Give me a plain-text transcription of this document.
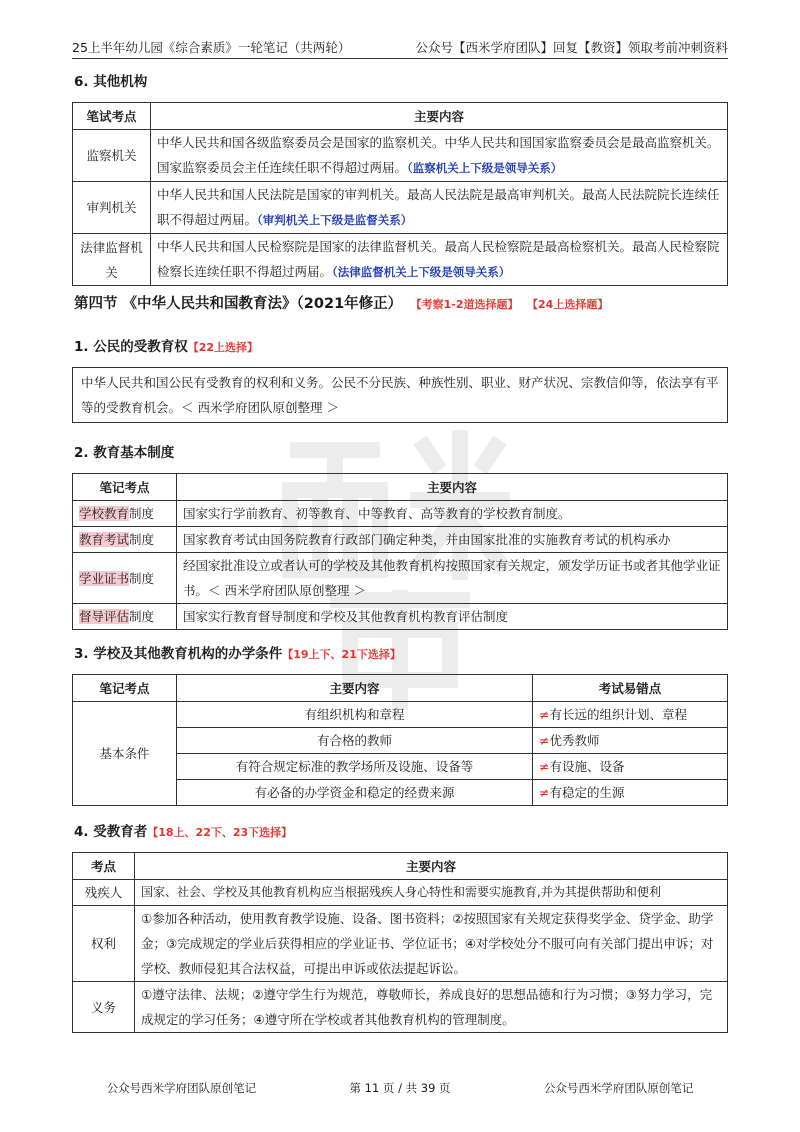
25上半年幼儿园《综合素质》一轮笔记（共两轮）	公众号【西米学府团队】回复【教资】领取考前冲刺资料
6. 其他机构
笔试考点	主要内容
监察机关	中华人民共和国各级监察委员会是国家的监察机关。中华人民共和国国家监察委员会是最高监察机关。国家监察委员会主任连续任职不得超过两届。（监察机关上下级是领导关系）
审判机关	中华人民共和国人民法院是国家的审判机关。最高人民法院是最高审判机关。最高人民法院院长连续任职不得超过两届。（审判机关上下级是监督关系）
法律监督机关	中华人民共和国人民检察院是国家的法律监督机关。最高人民检察院是最高检察机关。最高人民检察院检察长连续任职不得超过两届。（法律监督机关上下级是领导关系）
第四节 《中华人民共和国教育法》（2021年修正） 【考察1-2道选择题】 【24上选择题】
1. 公民的受教育权【22上选择】
中华人民共和国公民有受教育的权利和义务。公民不分民族、种族性别、职业、财产状况、宗教信仰等，依法享有平等的受教育机会。＜ 西米学府团队原创整理 ＞
2. 教育基本制度
笔记考点	主要内容
学校教育制度	国家实行学前教育、初等教育、中等教育、高等教育的学校教育制度。
教育考试制度	国家教育考试由国务院教育行政部门确定种类，并由国家批准的实施教育考试的机构承办
学业证书制度	经国家批准设立或者认可的学校及其他教育机构按照国家有关规定，颁发学历证书或者其他学业证书。＜ 西米学府团队原创整理 ＞
督导评估制度	国家实行教育督导制度和学校及其他教育机构教育评估制度
3. 学校及其他教育机构的办学条件【19上下、21下选择】
笔记考点	主要内容	考试易错点
基本条件	有组织机构和章程	≠有长远的组织计划、章程
	有合格的教师	≠优秀教师
	有符合规定标准的教学场所及设施、设备等	≠有设施、设备
	有必备的办学资金和稳定的经费来源	≠有稳定的生源
4. 受教育者【18上、22下、23下选择】
考点	主要内容
残疾人	国家、社会、学校及其他教育机构应当根据残疾人身心特性和需要实施教育,并为其提供帮助和便利
权利	①参加各种活动，使用教育教学设施、设备、图书资料；②按照国家有关规定获得奖学金、贷学金、助学金；③完成规定的学业后获得相应的学业证书、学位证书；④对学校处分不服可向有关部门提出申诉；对学校、教师侵犯其合法权益，可提出申诉或依法提起诉讼。
义务	①遵守法律、法规；②遵守学生行为规范，尊敬师长，养成良好的思想品德和行为习惯；③努力学习，完成规定的学习任务；④遵守所在学校或者其他教育机构的管理制度。
公众号西米学府团队原创笔记	第 11 页 / 共 39 页	公众号西米学府团队原创笔记
